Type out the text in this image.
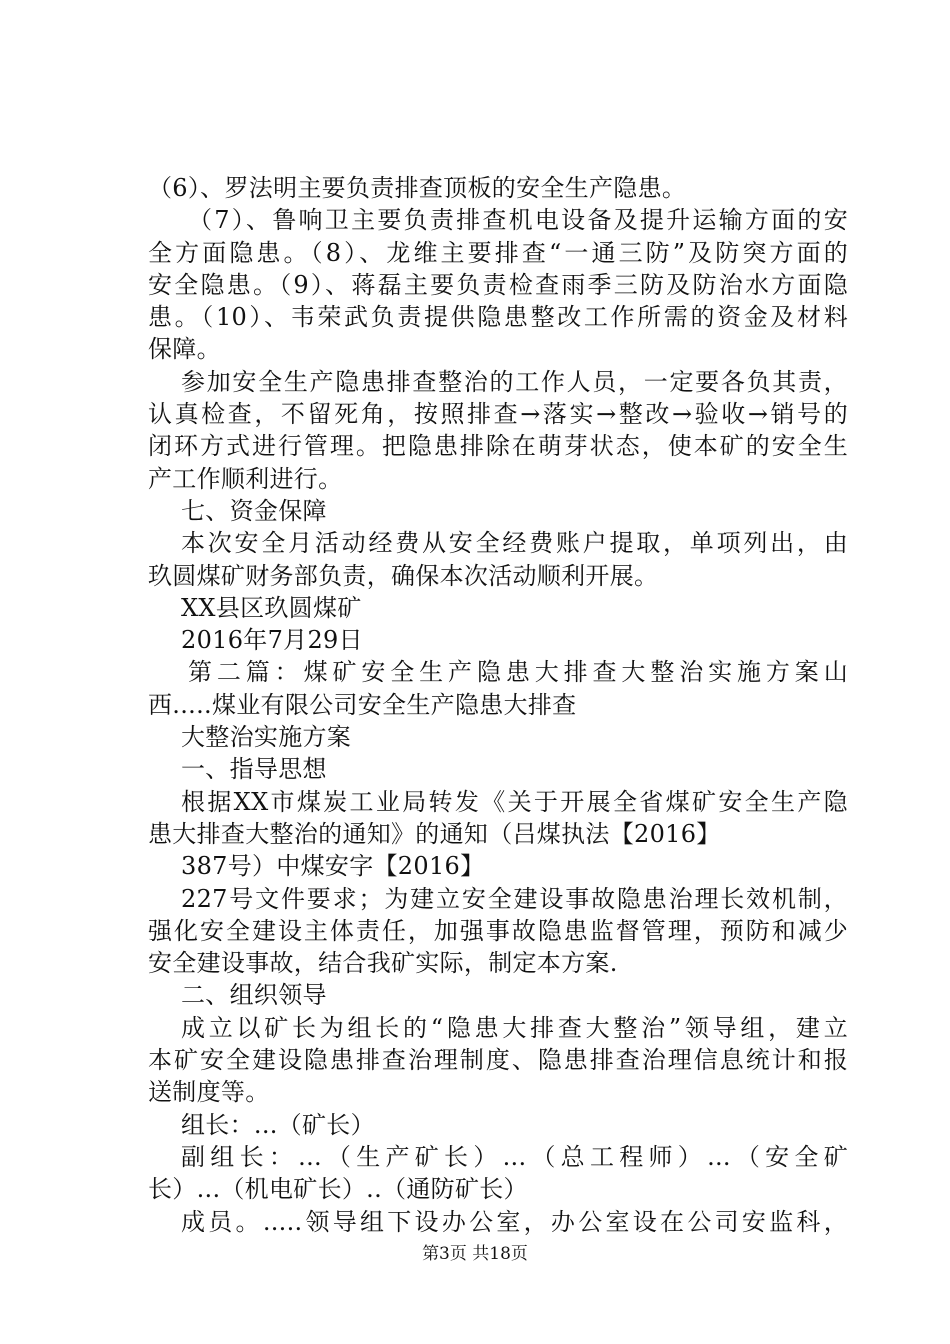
（6）、罗法明主要负责排查顶板的安全生产隐患。
（7）、鲁响卫主要负责排查机电设备及提升运输方面的安
全方面隐患。（8）、龙维主要排查“一通三防”及防突方面的
安全隐患。（9）、蒋磊主要负责检查雨季三防及防治水方面隐
患。（10）、韦荣武负责提供隐患整改工作所需的资金及材料
保障。
参加安全生产隐患排查整治的工作人员，一定要各负其责，
认真检查，不留死角，按照排查→落实→整改→验收→销号的
闭环方式进行管理。把隐患排除在萌芽状态，使本矿的安全生
产工作顺利进行。
七、资金保障
本次安全月活动经费从安全经费账户提取，单项列出，由
玖圆煤矿财务部负责，确保本次活动顺利开展。
XX县区玖圆煤矿
2016年7月29日
第二篇：煤矿安全生产隐患大排查大整治实施方案山
西.....煤业有限公司安全生产隐患大排查
大整治实施方案
一、指导思想
根据XX市煤炭工业局转发《关于开展全省煤矿安全生产隐
患大排查大整治的通知》的通知（吕煤执法【2016】
387号）中煤安字【2016】
227号文件要求；为建立安全建设事故隐患治理长效机制，
强化安全建设主体责任，加强事故隐患监督管理，预防和减少
安全建设事故，结合我矿实际，制定本方案.
二、组织领导
成立以矿长为组长的“隐患大排查大整治”领导组，建立
本矿安全建设隐患排查治理制度、隐患排查治理信息统计和报
送制度等。
组长：...（矿长）
副组长：...（生产矿长）...（总工程师）...（安全矿
长）...（机电矿长）..（通防矿长）
成员。.....领导组下设办公室，办公室设在公司安监科，
第3页 共18页
